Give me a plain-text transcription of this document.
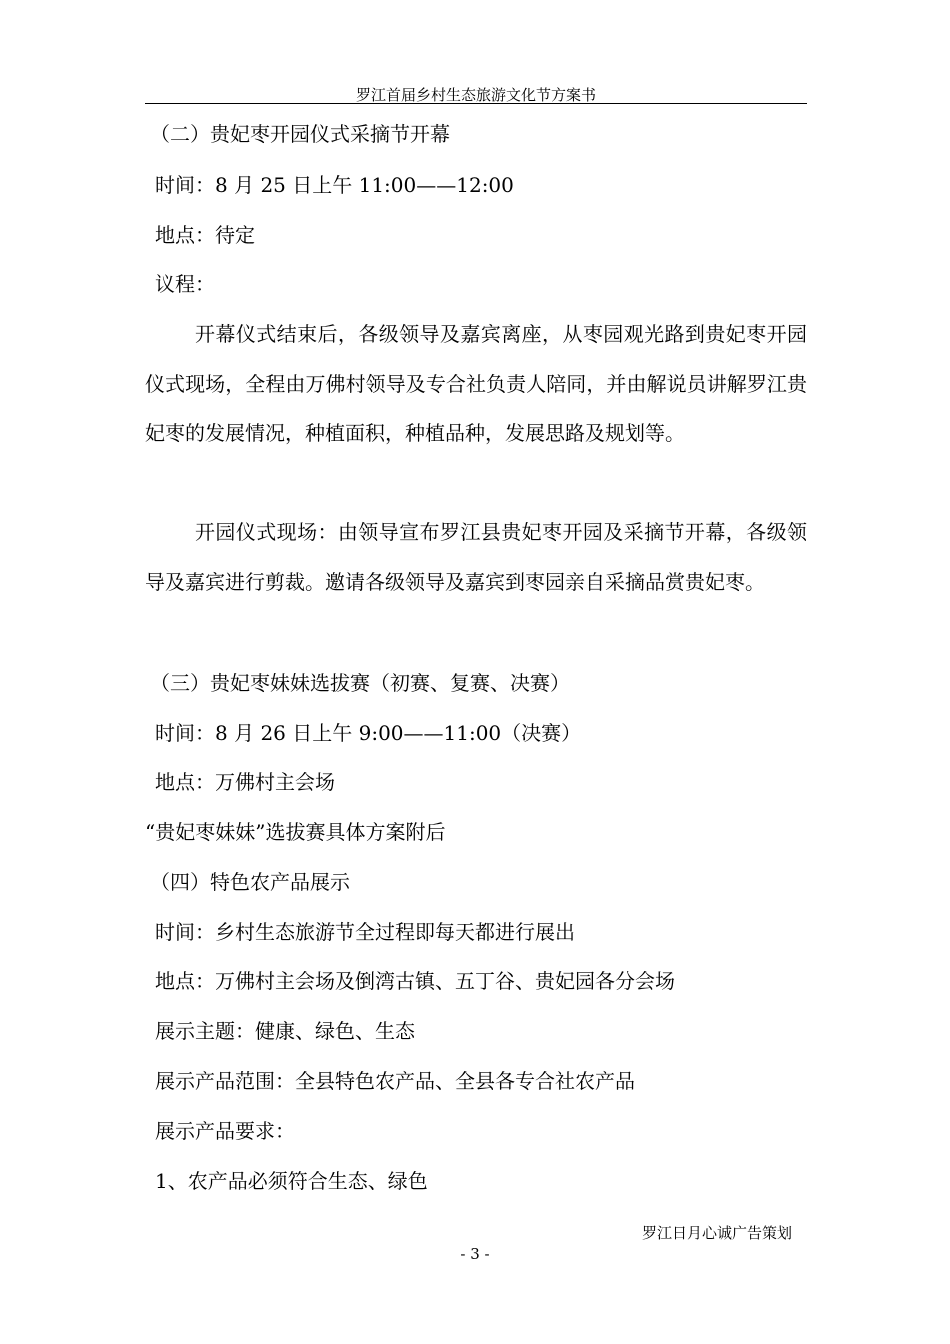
罗江首届乡村生态旅游文化节方案书
（二）贵妃枣开园仪式采摘节开幕
时间：8 月 25 日上午 11:00——12:00
地点：待定
议程：
开幕仪式结束后，各级领导及嘉宾离座，从枣园观光路到贵妃枣开园仪式现场，全程由万佛村领导及专合社负责人陪同，并由解说员讲解罗江贵妃枣的发展情况，种植面积，种植品种，发展思路及规划等。
开园仪式现场：由领导宣布罗江县贵妃枣开园及采摘节开幕，各级领导及嘉宾进行剪裁。邀请各级领导及嘉宾到枣园亲自采摘品赏贵妃枣。
（三）贵妃枣妹妹选拔赛（初赛、复赛、决赛）
时间：8 月 26 日上午 9:00——11:00（决赛）
地点：万佛村主会场
“贵妃枣妹妹”选拔赛具体方案附后
（四）特色农产品展示
时间：乡村生态旅游节全过程即每天都进行展出
地点：万佛村主会场及倒湾古镇、五丁谷、贵妃园各分会场
展示主题：健康、绿色、生态
展示产品范围：全县特色农产品、全县各专合社农产品
展示产品要求：
1、农产品必须符合生态、绿色
罗江日月心诚广告策划
- 3 -
